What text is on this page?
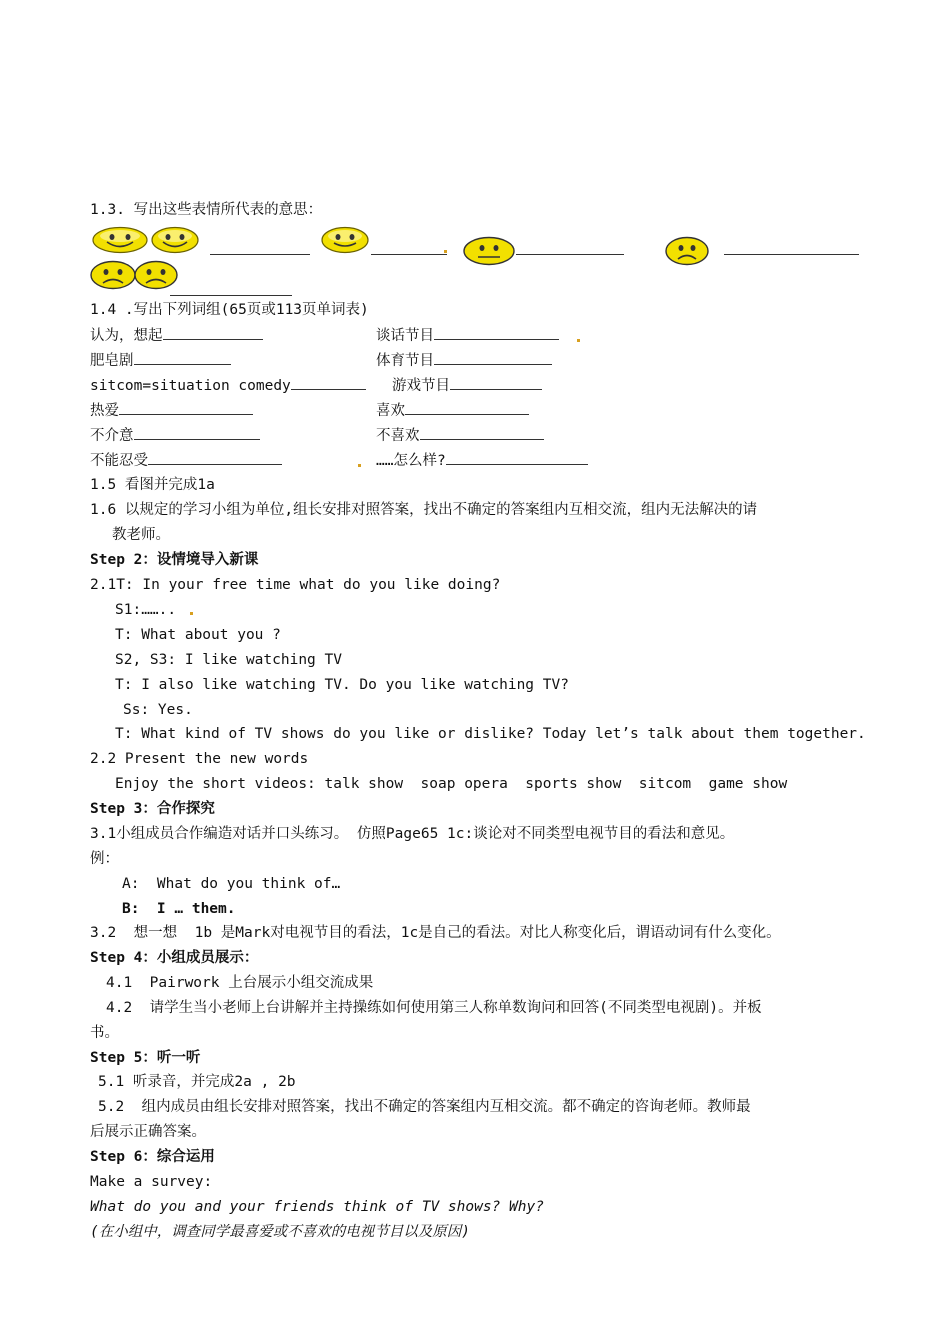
1.3. 写出这些表情所代表的意思：
1.4 .写出下列词组(65页或113页单词表)
认为，想起	谈话节目
肥皂剧	体育节目
sitcom=situation comedy	游戏节目
热爱	喜欢
不介意	不喜欢
不能忍受	……怎么样?
1.5 看图并完成1a
1.6 以规定的学习小组为单位,组长安排对照答案，找出不确定的答案组内互相交流，组内无法解决的请
教老师。
Step 2：设情境导入新课
2.1T: In your free time what do you like doing?
S1:……..
T: What about you ?
S2, S3: I like watching TV
T: I also like watching TV. Do you like watching TV?
Ss: Yes.
T: What kind of TV shows do you like or dislike? Today let’s talk about them together.
2.2 Present the new words
Enjoy the short videos: talk show  soap opera  sports show  sitcom  game show
Step 3：合作探究
3.1小组成员合作编造对话并口头练习。 仿照Page65 1c:谈论对不同类型电视节目的看法和意见。
例：
A:  What do you think of…
B:  I … them.
3.2  想一想  1b 是Mark对电视节目的看法，1c是自己的看法。对比人称变化后，谓语动词有什么变化。
Step 4：小组成员展示：
4.1  Pairwork 上台展示小组交流成果
4.2  请学生当小老师上台讲解并主持操练如何使用第三人称单数询问和回答(不同类型电视剧)。并板
书。
Step 5：听一听
5.1 听录音，并完成2a , 2b
5.2  组内成员由组长安排对照答案，找出不确定的答案组内互相交流。都不确定的咨询老师。教师最
后展示正确答案。
Step 6：综合运用
Make a survey:
What do you and your friends think of TV shows? Why?
(在小组中，调查同学最喜爱或不喜欢的电视节目以及原因)
